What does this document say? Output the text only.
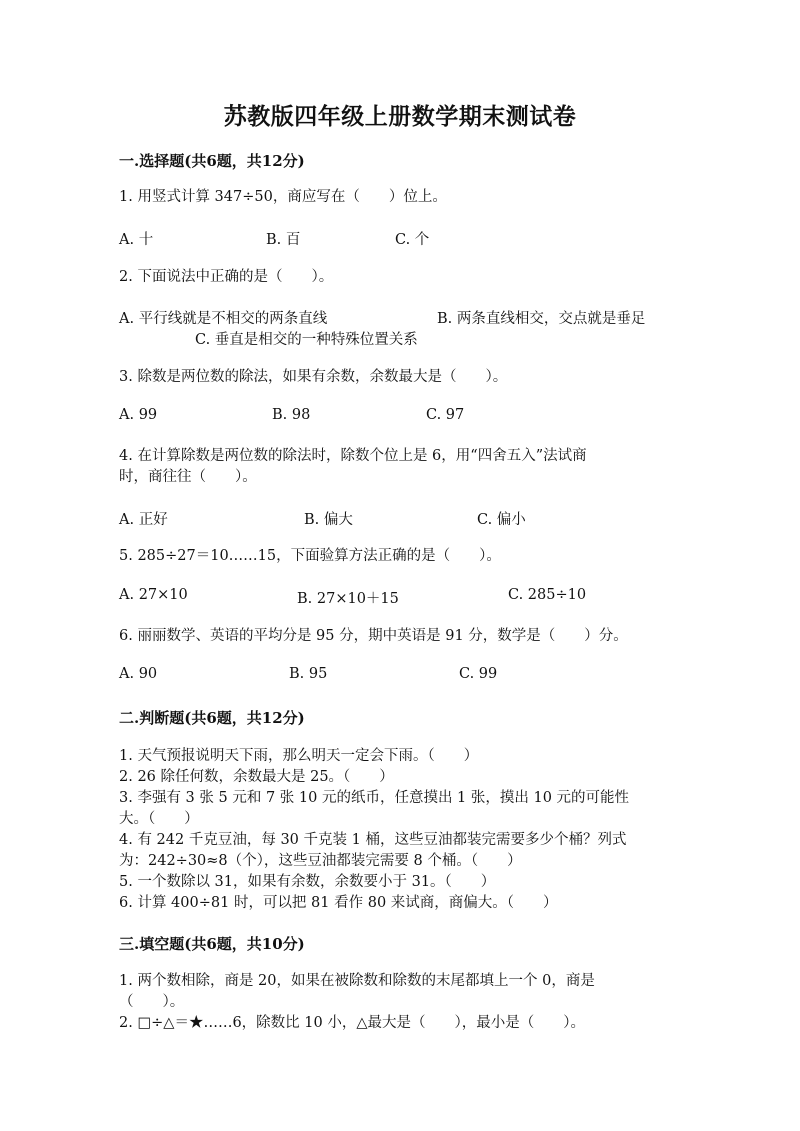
苏教版四年级上册数学期末测试卷
一.选择题(共6题，共12分)
1. 用竖式计算 347÷50，商应写在（　　）位上。
A. 十	B. 百	C. 个
2. 下面说法中正确的是（　　）。
A. 平行线就是不相交的两条直线	B. 两条直线相交，交点就是垂足
C. 垂直是相交的一种特殊位置关系
3. 除数是两位数的除法，如果有余数，余数最大是（　　）。
A. 99	B. 98	C. 97
4. 在计算除数是两位数的除法时，除数个位上是 6，用“四舍五入”法试商
时，商往往（　　）。
A. 正好	B. 偏大	C. 偏小
5. 285÷27＝10……15，下面验算方法正确的是（　　）。
A. 27×10	B. 27×10＋15	C. 285÷10
6. 丽丽数学、英语的平均分是 95 分，期中英语是 91 分，数学是（　　）分。
A. 90	B. 95	C. 99
二.判断题(共6题，共12分)
1. 天气预报说明天下雨，那么明天一定会下雨。（　　）
2. 26 除任何数，余数最大是 25。（　　）
3. 李强有 3 张 5 元和 7 张 10 元的纸币，任意摸出 1 张，摸出 10 元的可能性
大。（　　）
4. 有 242 千克豆油，每 30 千克装 1 桶，这些豆油都装完需要多少个桶？列式
为：242÷30≈8（个），这些豆油都装完需要 8 个桶。（　　）
5. 一个数除以 31，如果有余数，余数要小于 31。（　　）
6. 计算 400÷81 时，可以把 81 看作 80 来试商，商偏大。（　　）
三.填空题(共6题，共10分)
1. 两个数相除，商是 20，如果在被除数和除数的末尾都填上一个 0，商是
（　　）。
2. □÷△＝★……6，除数比 10 小，△最大是（　　），最小是（　　）。
